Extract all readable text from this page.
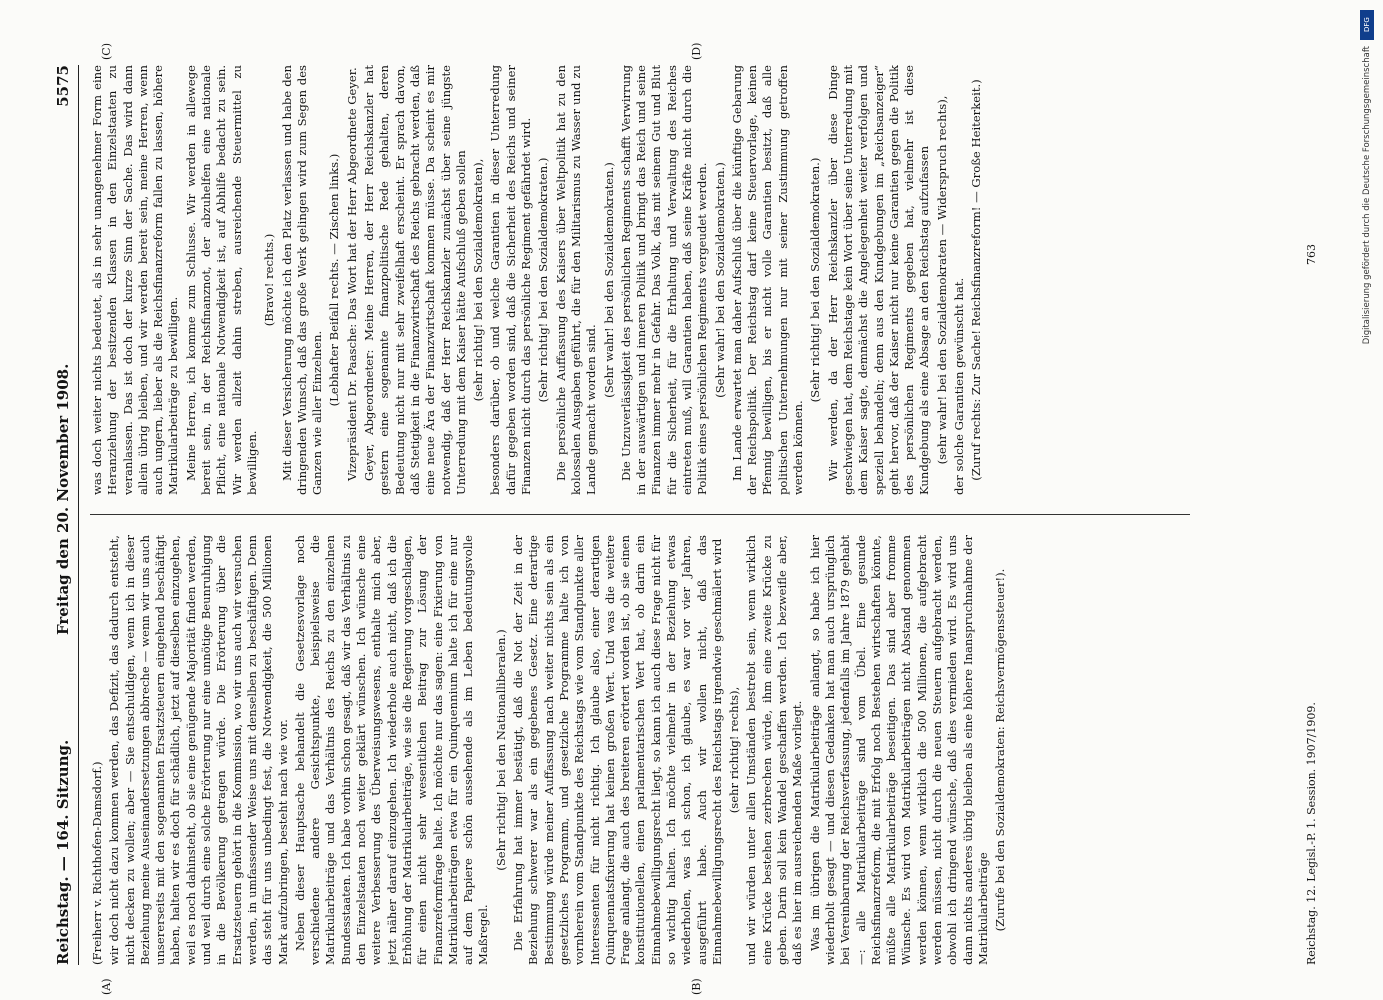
Reichstag. — 164. Sitzung.
Freitag den 20. November 1908.
5575
(A)	(B)
(C)	(D)

(Freiherr v. Richthofen-Damsdorf.) wir doch nicht dazu kommen werden, das Defizit, das dadurch entsteht, nicht decken zu wollen; aber — Sie entschuldigen, wenn ich in dieser Beziehung meine Auseinandersetzungen abbreche — wenn wir uns auch unsererseits mit den sogenannten Ersatzsteuern eingehend beschäftigt haben, halten wir es doch für schädlich, jetzt auf dieselben einzugehen, weil es noch dahinsteht, ob sie eine genügende Majorität finden werden, und weil durch eine solche Erörterung nur eine unnötige Beunruhigung in die Bevölkerung getragen würde. Die Erörterung über die Ersatzsteuern gehört in die Kommission, wo wir uns auch wir versuchen werden, in umfassender Weise uns mit denselben zu beschäftigen. Denn das steht für uns unbedingt fest, die Notwendigkeit, die 500 Millionen Mark aufzubringen, besteht nach wie vor. Neben dieser Hauptsache behandelt die Gesetzesvorlage noch verschiedene andere Gesichtspunkte, beispielsweise die Matrikularbeiträge und das Verhältnis des Reichs zu den einzelnen Bundesstaaten. Ich habe vorhin schon gesagt, daß wir das Verhältnis zu den Einzelstaaten noch weiter geklärt wünschen. Ich wünsche eine weitere Verbesserung des Überweisungswesens, enthalte mich aber, jetzt näher darauf einzugehen. Ich wiederhole auch nicht, daß ich die Erhöhung der Matrikularbeiträge, wie sie die Regierung vorgeschlagen, für einen nicht sehr wesentlichen Beitrag zur Lösung der Finanzreformfrage halte. Ich möchte nur das sagen: eine Fixierung von Matrikularbeiträgen etwa für ein Quinquennium halte ich für eine nur auf dem Papiere schön aussehende als im Leben bedeutungsvolle Maßregel.

(Sehr richtig! bei den Nationalliberalen.) Die Erfahrung hat immer bestätigt, daß die Not der Zeit in der Beziehung schwerer war als ein gegebenes Gesetz. Eine derartige Bestimmung würde meiner Auffassung nach weiter nichts sein als ein gesetzliches Programm, und gesetzliche Programme halte ich von vornherein vom Standpunkte des Reichstags wie vom Standpunkte aller Interessenten für nicht richtig. Ich glaube also, einer derartigen Quinquennatsfixierung hat keinen großen Wert. Und was die weitere Frage anlangt, die auch des breiteren erörtert worden ist, ob sie einen konstitutionellen, einen parlamentarischen Wert hat, ob darin ein Einnahmebewilligungsrecht liegt, so kann ich auch diese Frage nicht für so wichtig halten. Ich möchte vielmehr in der Beziehung etwas wiederholen, was ich schon, ich glaube, es war vor vier Jahren, ausgeführt habe. Auch wir wollen nicht, daß das Einnahmebewilligungsrecht des Reichstags irgendwie geschmälert wird (sehr richtig! rechts), und wir würden unter allen Umständen bestrebt sein, wenn wirklich eine Krücke bestehen zerbrechen würde, ihm eine zweite Krücke zu geben. Darin soll kein Wandel geschaffen werden. Ich bezweifle aber, daß es hier im ausreichenden Maße vorliegt. Was im übrigen die Matrikularbeiträge anlangt, so habe ich hier wiederholt gesagt — und diesen Gedanken hat man auch ursprünglich bei Vereinbarung der Reichsverfassung, jedenfalls im Jahre 1879 gehabt —: alle Matrikularbeiträge sind vom Übel. Eine gesunde Reichsfinanzreform, die mit Erfolg noch Bestehen wirtschaften könnte, müßte alle Matrikularbeiträge beseitigen. Das sind aber fromme Wünsche. Es wird von Matrikularbeiträgen nicht Abstand genommen werden können, wenn wirklich die 500 Millionen, die aufgebracht werden müssen, nicht durch die neuen Steuern aufgebracht werden, obwohl ich dringend wünsche, daß dies vermieden wird. Es wird uns dann nichts anderes übrig bleiben als eine höhere Inanspruchnahme der Matrikularbeiträge (Zurufe bei den Sozialdemokraten: Reichsvermögenssteuer!).

was doch weiter nichts bedeutet, als in sehr unangenehmer Form eine Heranziehung der besitzenden Klassen in den Einzelstaaten zu veranlassen. Das ist doch der kurze Sinn der Sache. Das wird dann allein übrig bleiben, und wir werden bereit sein, meine Herren, wenn auch ungern, lieber als die Reichsfinanzreform fallen zu lassen, höhere Matrikularbeiträge zu bewilligen. Meine Herren, ich komme zum Schlusse. Wir werden in allewege bereit sein, in der Reichsfinanznot, der abzuhelfen eine nationale Pflicht, eine nationale Notwendigkeit ist, auf Abhilfe bedacht zu sein. Wir werden allzeit dahin streben, ausreichende Steuermittel zu bewilligen.

(Bravo! rechts.) Mit dieser Versicherung möchte ich den Platz verlassen und habe den dringenden Wunsch, daß das große Werk gelingen wird zum Segen des Ganzen wie aller Einzelnen.

(Lebhafter Beifall rechts. — Zischen links.) Vizepräsident Dr. Paasche: Das Wort hat der Herr Abgeordnete Geyer. Geyer, Abgeordneter: Meine Herren, der Herr Reichskanzler hat gestern eine sogenannte finanzpolitische Rede gehalten, deren Bedeutung nicht nur mit sehr zweifelhaft erscheint. Er sprach davon, daß Stetigkeit in die Finanzwirtschaft des Reichs gebracht werden, daß eine neue Ära der Finanzwirtschaft kommen müsse. Da scheint es mir notwendig, daß der Herr Reichskanzler zunächst über seine jüngste Unterredung mit dem Kaiser hätte Aufschluß geben sollen (sehr richtig! bei den Sozialdemokraten), besonders darüber, ob und welche Garantien in dieser Unterredung dafür gegeben worden sind, daß die Sicherheit des Reichs und seiner Finanzen nicht durch das persönliche Regiment gefährdet wird. (Sehr richtig! bei den Sozialdemokraten.) Die persönliche Auffassung des Kaisers über Weltpolitik hat zu den kolossalen Ausgaben geführt, die für den Militarismus zu Wasser und zu Lande gemacht worden sind.

(Sehr wahr! bei den Sozialdemokraten.) Die Unzuverlässigkeit des persönlichen Regiments schafft Verwirrung in der auswärtigen und inneren Politik und bringt das Reich und seine Finanzen immer mehr in Gefahr. Das Volk, das mit seinem Gut und Blut für die Sicherheit, für die Erhaltung und Verwaltung des Reiches eintreten muß, will Garantien haben, daß seine Kräfte nicht durch die Politik eines persönlichen Regiments vergeudet werden. (Sehr wahr! bei den Sozialdemokraten.) Im Lande erwartet man daher Aufschluß über die künftige Gebarung der Reichspolitik. Der Reichstag darf keine Steuervorlage, keinen Pfennig bewilligen, bis er nicht volle Garantien besitzt, daß alle politischen Unternehmungen nur mit seiner Zustimmung getroffen werden können.

(Sehr richtig! bei den Sozialdemokraten.) Wir werden, da der Herr Reichskanzler über diese Dinge geschwiegen hat, dem Reichstage kein Wort über seine Unterredung mit dem Kaiser sagte, demnächst die Angelegenheit weiter verfolgen und speziell behandeln; denn aus den Kundgebungen im „Reichsanzeiger“ geht hervor, daß der Kaiser nicht nur keine Garantien gegen die Politik des persönlichen Regiments gegeben hat, vielmehr ist diese Kundgebung als eine Absage an den Reichstag aufzufassen (sehr wahr! bei den Sozialdemokraten — Widerspruch rechts), der solche Garantien gewünscht hat. (Zuruf rechts: Zur Sache! Reichsfinanzreform! — Große Heiterkeit.)

Reichstag. 12. Legisl.-P. 1. Session. 1907/1909.
763
DFG
Digitalisierung gefördert durch die Deutsche Forschungsgemeinschaft
